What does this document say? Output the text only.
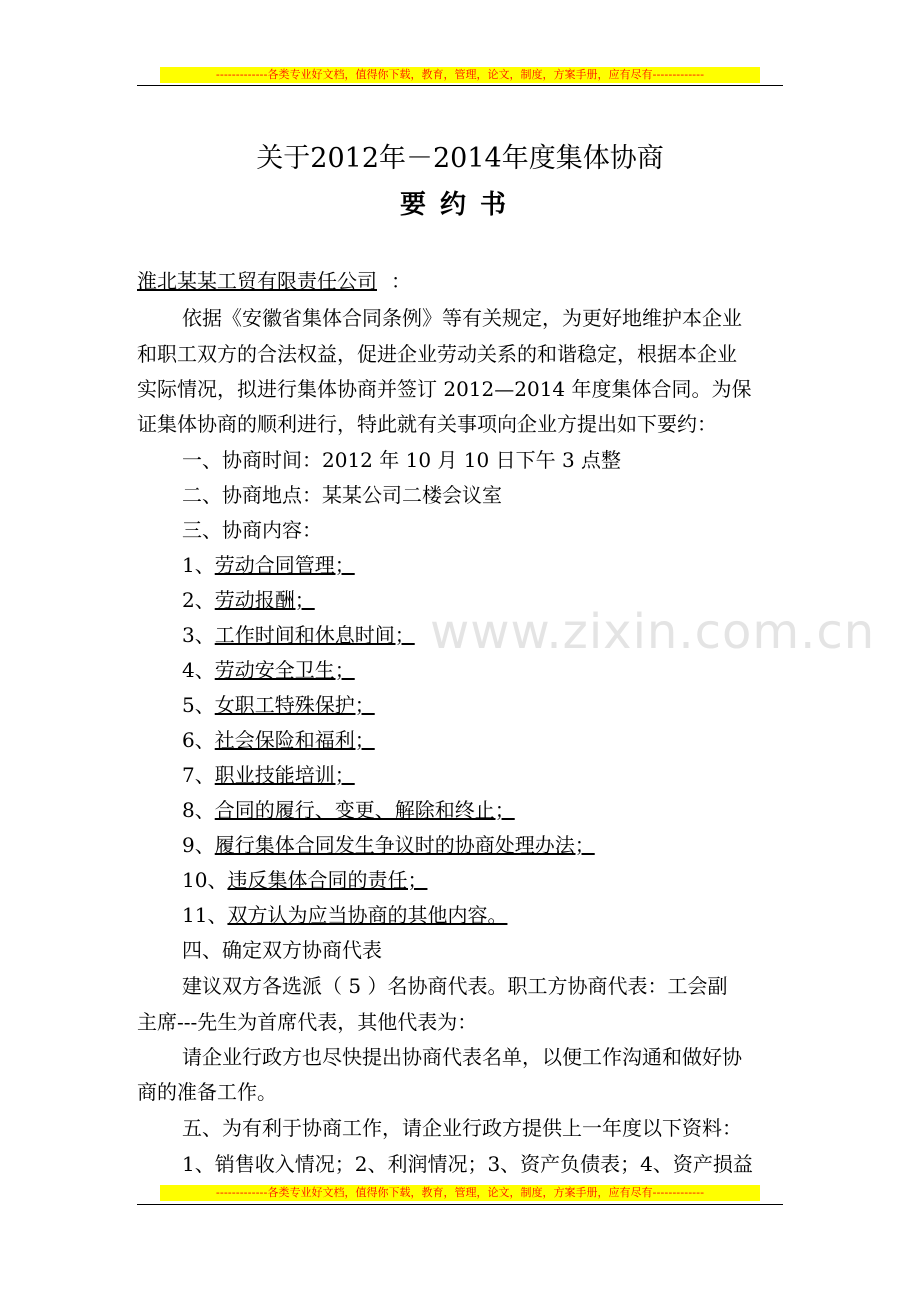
-------------各类专业好文档，值得你下载，教育，管理，论文，制度，方案手册，应有尽有-------------
www.zixin.com.cn
关于2012年－2014年度集体协商
要约书
淮北某某工贸有限责任公司 ：
依据《安徽省集体合同条例》等有关规定，为更好地维护本企业
和职工双方的合法权益，促进企业劳动关系的和谐稳定，根据本企业
实际情况，拟进行集体协商并签订 2012—2014 年度集体合同。为保
证集体协商的顺利进行，特此就有关事项向企业方提出如下要约：
一、协商时间：2012 年 10 月 10 日下午 3 点整
二、协商地点：某某公司二楼会议室
三、协商内容：
1、劳动合同管理；
2、劳动报酬；
3、工作时间和休息时间；
4、劳动安全卫生；
5、女职工特殊保护；
6、社会保险和福利；
7、职业技能培训；
8、合同的履行、变更、解除和终止；
9、履行集体合同发生争议时的协商处理办法；
10、违反集体合同的责任；
11、双方认为应当协商的其他内容。
四、确定双方协商代表
建议双方各选派（ 5 ）名协商代表。职工方协商代表：工会副
主席---先生为首席代表，其他代表为：
请企业行政方也尽快提出协商代表名单，以便工作沟通和做好协
商的准备工作。
五、为有利于协商工作，请企业行政方提供上一年度以下资料：
1、销售收入情况；2、利润情况；3、资产负债表；4、资产损益
-------------各类专业好文档，值得你下载，教育，管理，论文，制度，方案手册，应有尽有-------------
